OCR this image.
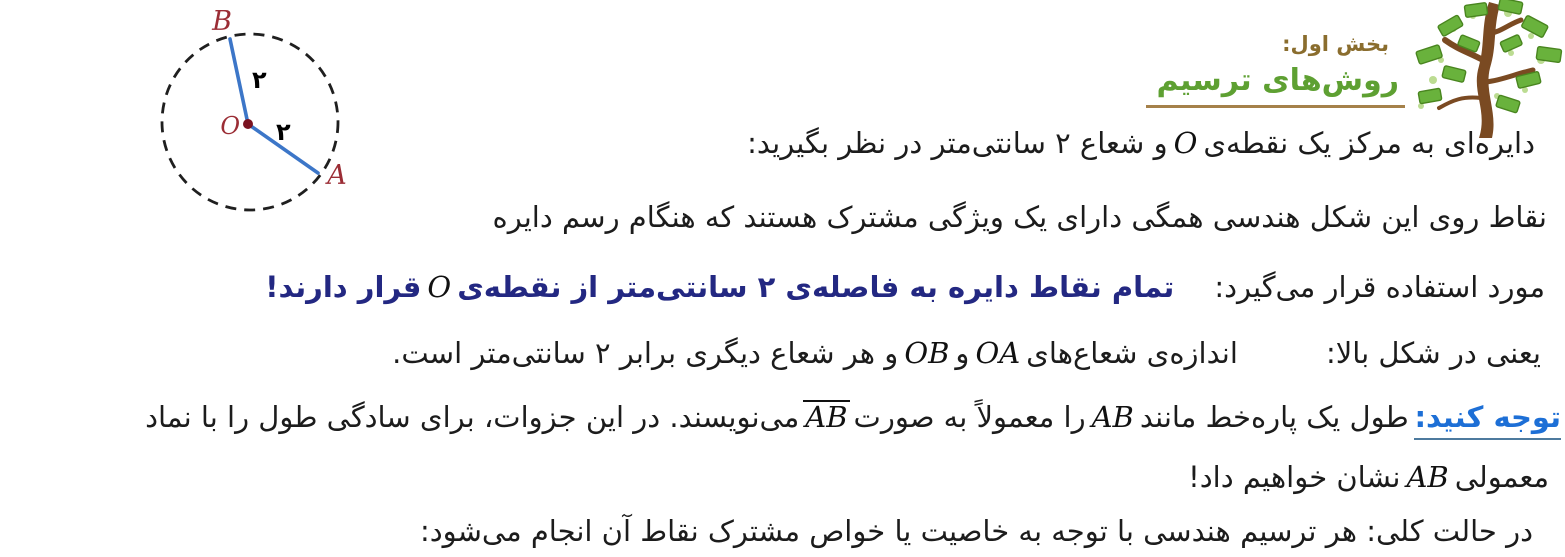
بخش اول:
روش‌های ترسیم
B
A
O
۲
۲	دایره‌ای به مرکز یک نقطه‌یOو شعاع ۲ سانتی‌متر در نظر بگیرید:
نقاط روی این شکل هندسی همگی دارای یک ویژگی مشترک هستند که هنگام رسم دایره
مورد استفاده قرار می‌گیرد:تمام نقاط دایره به فاصله‌ی ۲ سانتی‌متر از نقطه‌یOقرار دارند!
یعنی در شکل بالا:اندازه‌ی شعاع‌هایOAوOBو هر شعاع دیگری برابر ۲ سانتی‌متر است.
توجه کنید: طول یک پاره‌خط مانندABرا معمولاً به صورتABمی‌نویسند. در این جزوات، برای سادگی طول را با نماد
معمولیABنشان خواهیم داد!
در حالت کلی: هر ترسیم هندسی با توجه به خاصیت یا خواص مشترک نقاط آن انجام می‌شود:
